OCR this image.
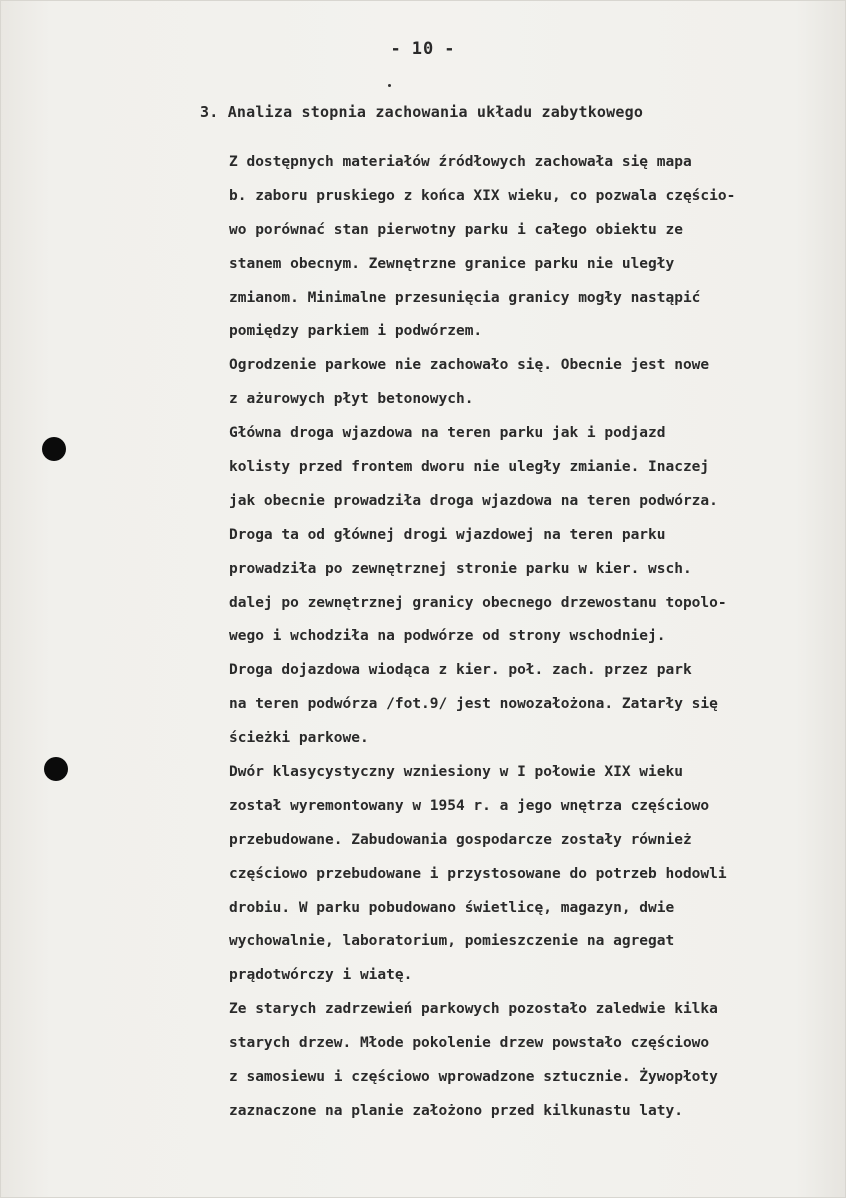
- 10 -
3. Analiza stopnia zachowania układu zabytkowego
Z dostępnych materiałów źródłowych zachowała się mapa
b. zaboru pruskiego z końca XIX wieku, co pozwala częścio-
wo porównać stan pierwotny parku i całego obiektu ze
stanem obecnym. Zewnętrzne granice parku nie uległy
zmianom. Minimalne przesunięcia granicy mogły nastąpić
pomiędzy parkiem i podwórzem.
Ogrodzenie parkowe nie zachowało się. Obecnie jest nowe
z ażurowych płyt betonowych.
Główna droga wjazdowa na teren parku jak i podjazd
kolisty przed frontem dworu nie uległy zmianie. Inaczej
jak obecnie prowadziła droga wjazdowa na teren podwórza.
Droga ta od głównej drogi wjazdowej na teren parku
prowadziła po zewnętrznej stronie parku w kier. wsch.
dalej po zewnętrznej granicy obecnego drzewostanu topolo-
wego i wchodziła na podwórze od strony wschodniej.
Droga dojazdowa wiodąca z kier. poł. zach. przez park
na teren podwórza /fot.9/ jest nowozałożona. Zatarły się
ścieżki parkowe.
Dwór klasycystyczny wzniesiony w I połowie XIX wieku
został wyremontowany w 1954 r. a jego wnętrza częściowo
przebudowane. Zabudowania gospodarcze zostały również
częściowo przebudowane i przystosowane do potrzeb hodowli
drobiu. W parku pobudowano świetlicę, magazyn, dwie
wychowalnie, laboratorium, pomieszczenie na agregat
prądotwórczy i wiatę.
Ze starych zadrzewień parkowych pozostało zaledwie kilka
starych drzew. Młode pokolenie drzew powstało częściowo
z samosiewu i częściowo wprowadzone sztucznie. Żywopłoty
zaznaczone na planie założono przed kilkunastu laty.
